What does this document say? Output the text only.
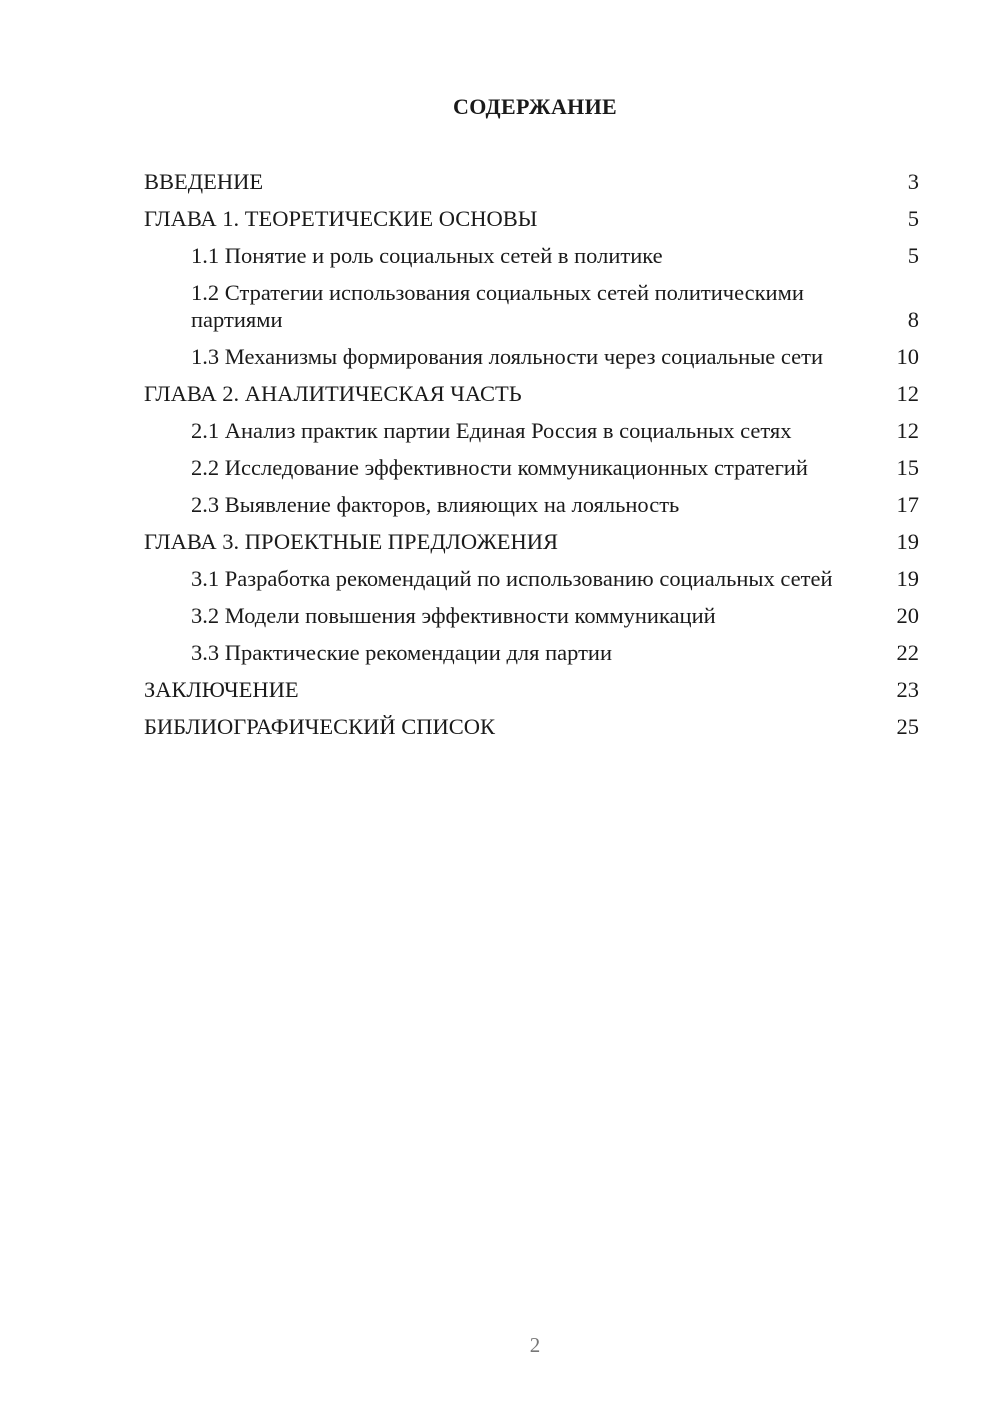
СОДЕРЖАНИЕ
ВВЕДЕНИЕ	3
ГЛАВА 1. ТЕОРЕТИЧЕСКИЕ ОСНОВЫ	5
1.1 Понятие и роль социальных сетей в политике	5
1.2 Стратегии использования социальных сетей политическими партиями	8
1.3 Механизмы формирования лояльности через социальные сети	10
ГЛАВА 2. АНАЛИТИЧЕСКАЯ ЧАСТЬ	12
2.1 Анализ практик партии Единая Россия в социальных сетях	12
2.2 Исследование эффективности коммуникационных стратегий	15
2.3 Выявление факторов, влияющих на лояльность	17
ГЛАВА 3. ПРОЕКТНЫЕ ПРЕДЛОЖЕНИЯ	19
3.1 Разработка рекомендаций по использованию социальных сетей	19
3.2 Модели повышения эффективности коммуникаций	20
3.3 Практические рекомендации для партии	22
ЗАКЛЮЧЕНИЕ	23
БИБЛИОГРАФИЧЕСКИЙ СПИСОК	25
2
